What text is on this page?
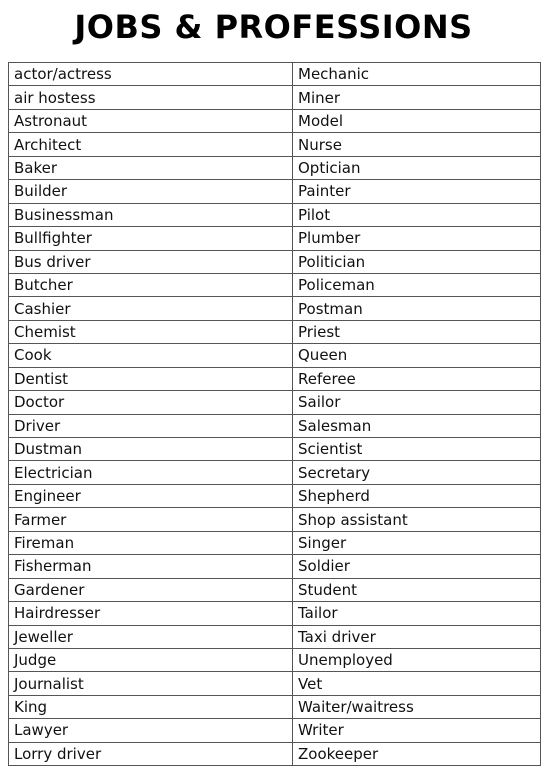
JOBS & PROFESSIONS
actor/actress	Mechanic
air hostess	Miner
Astronaut	Model
Architect	Nurse
Baker	Optician
Builder	Painter
Businessman	Pilot
Bullfighter	Plumber
Bus driver	Politician
Butcher	Policeman
Cashier	Postman
Chemist	Priest
Cook	Queen
Dentist	Referee
Doctor	Sailor
Driver	Salesman
Dustman	Scientist
Electrician	Secretary
Engineer	Shepherd
Farmer	Shop assistant
Fireman	Singer
Fisherman	Soldier
Gardener	Student
Hairdresser	Tailor
Jeweller	Taxi driver
Judge	Unemployed
Journalist	Vet
King	Waiter/waitress
Lawyer	Writer
Lorry driver	Zookeeper
